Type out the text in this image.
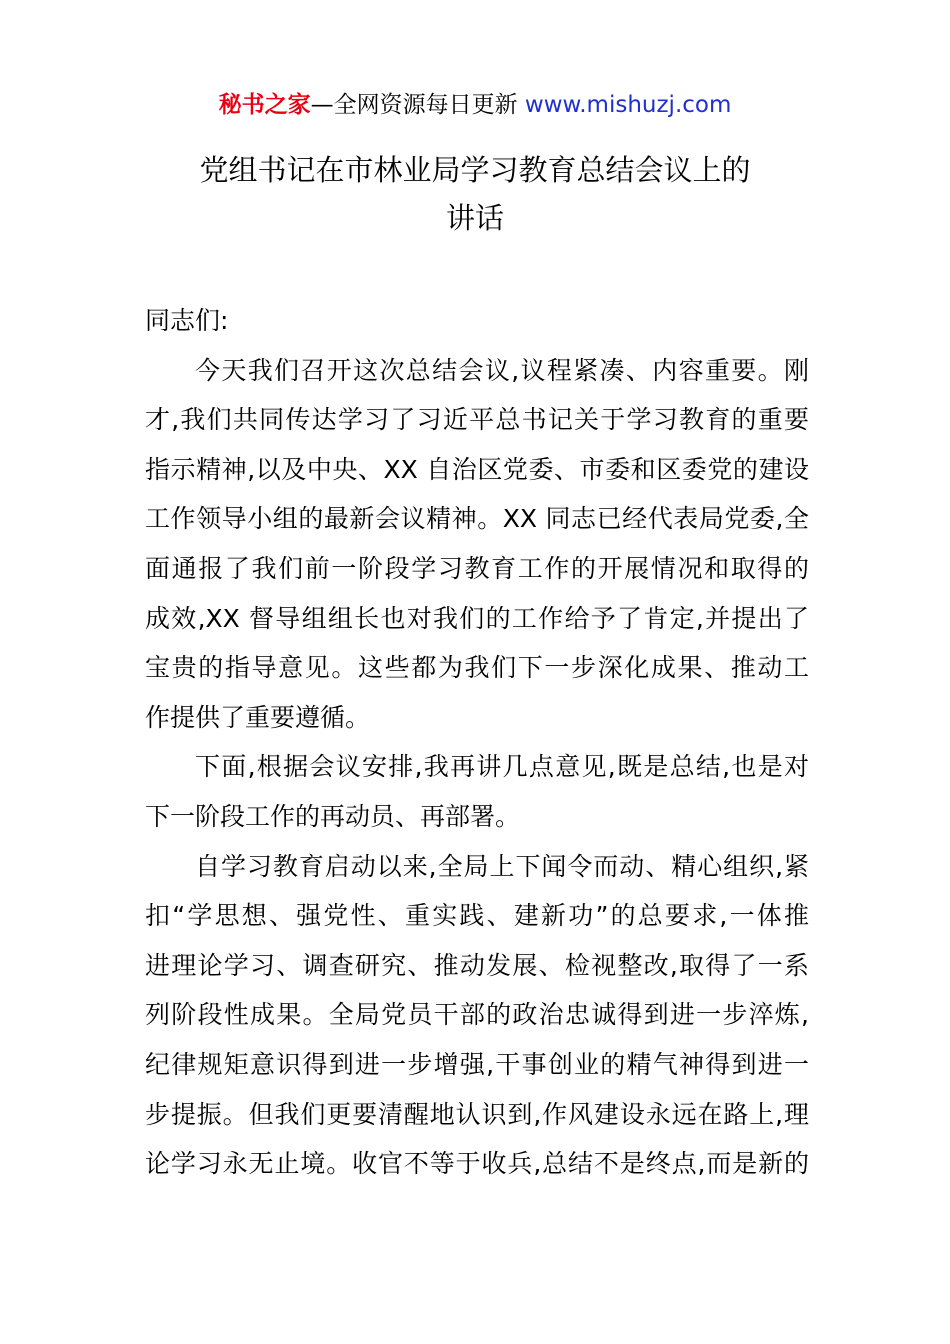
秘书之家—全网资源每日更新 www.mishuzj.com
党组书记在市林业局学习教育总结会议上的
讲话

同志们:

今天我们召开这次总结会议,议程紧凑、内容重要。刚
才,我们共同传达学习了习近平总书记关于学习教育的重要
指示精神,以及中央、XX 自治区党委、市委和区委党的建设
工作领导小组的最新会议精神。XX 同志已经代表局党委,全
面通报了我们前一阶段学习教育工作的开展情况和取得的
成效,XX 督导组组长也对我们的工作给予了肯定,并提出了
宝贵的指导意见。这些都为我们下一步深化成果、推动工
作提供了重要遵循。

下面,根据会议安排,我再讲几点意见,既是总结,也是对
下一阶段工作的再动员、再部署。

自学习教育启动以来,全局上下闻令而动、精心组织,紧
扣“学思想、强党性、重实践、建新功”的总要求,一体推
进理论学习、调查研究、推动发展、检视整改,取得了一系
列阶段性成果。全局党员干部的政治忠诚得到进一步淬炼,
纪律规矩意识得到进一步增强,干事创业的精气神得到进一
步提振。但我们更要清醒地认识到,作风建设永远在路上,理
论学习永无止境。收官不等于收兵,总结不是终点,而是新的
